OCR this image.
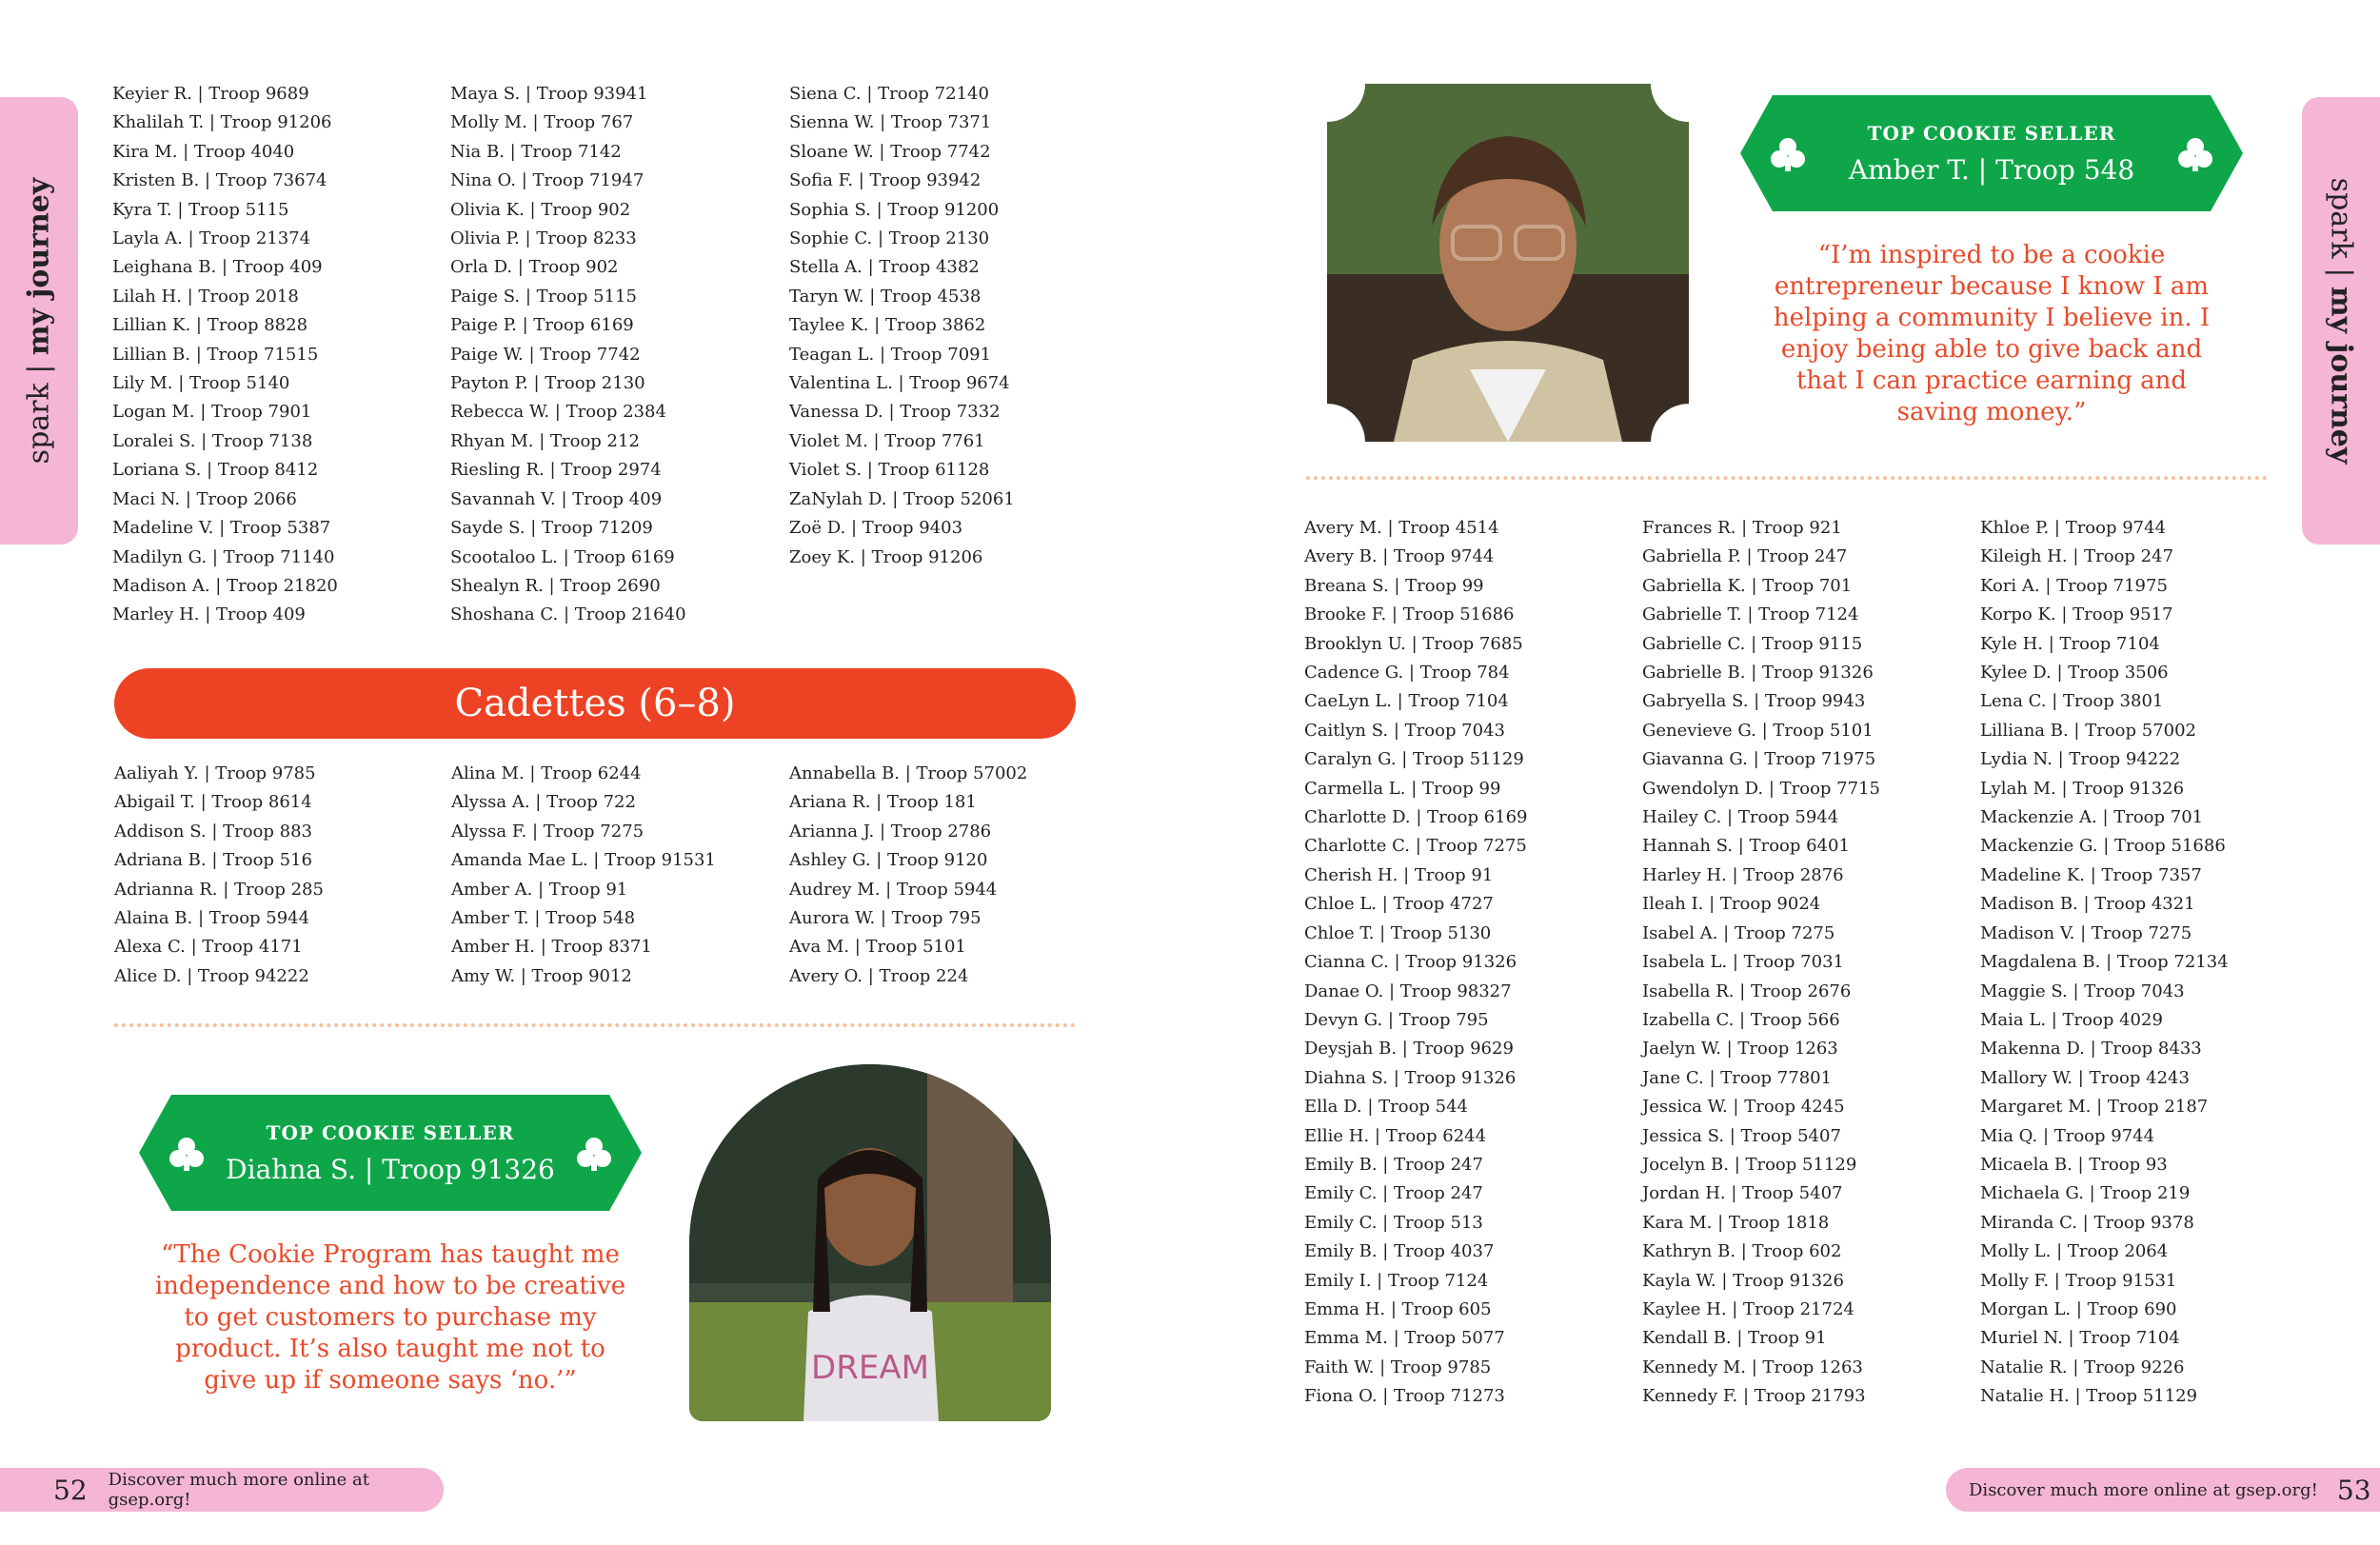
spark | my journey	spark | my journey
Keyier R. | Troop 9689
Khalilah T. | Troop 91206
Kira M. | Troop 4040
Kristen B. | Troop 73674
Kyra T. | Troop 5115
Layla A. | Troop 21374
Leighana B. | Troop 409
Lilah H. | Troop 2018
Lillian K. | Troop 8828
Lillian B. | Troop 71515
Lily M. | Troop 5140
Logan M. | Troop 7901
Loralei S. | Troop 7138
Loriana S. | Troop 8412
Maci N. | Troop 2066
Madeline V. | Troop 5387
Madilyn G. | Troop 71140
Madison A. | Troop 21820
Marley H. | Troop 409
Maya S. | Troop 93941
Molly M. | Troop 767
Nia B. | Troop 7142
Nina O. | Troop 71947
Olivia K. | Troop 902
Olivia P. | Troop 8233
Orla D. | Troop 902
Paige S. | Troop 5115
Paige P. | Troop 6169
Paige W. | Troop 7742
Payton P. | Troop 2130
Rebecca W. | Troop 2384
Rhyan M. | Troop 212
Riesling R. | Troop 2974
Savannah V. | Troop 409
Sayde S. | Troop 71209
Scootaloo L. | Troop 6169
Shealyn R. | Troop 2690
Shoshana C. | Troop 21640
Siena C. | Troop 72140
Sienna W. | Troop 7371
Sloane W. | Troop 7742
Sofia F. | Troop 93942
Sophia S. | Troop 91200
Sophie C. | Troop 2130
Stella A. | Troop 4382
Taryn W. | Troop 4538
Taylee K. | Troop 3862
Teagan L. | Troop 7091
Valentina L. | Troop 9674
Vanessa D. | Troop 7332
Violet M. | Troop 7761
Violet S. | Troop 61128
ZaNylah D. | Troop 52061
Zoë D. | Troop 9403
Zoey K. | Troop 91206
Cadettes (6–8)
Aaliyah Y. | Troop 9785
Abigail T. | Troop 8614
Addison S. | Troop 883
Adriana B. | Troop 516
Adrianna R. | Troop 285
Alaina B. | Troop 5944
Alexa C. | Troop 4171
Alice D. | Troop 94222
Alina M. | Troop 6244
Alyssa A. | Troop 722
Alyssa F. | Troop 7275
Amanda Mae L. | Troop 91531
Amber A. | Troop 91
Amber T. | Troop 548
Amber H. | Troop 8371
Amy W. | Troop 9012
Annabella B. | Troop 57002
Ariana R. | Troop 181
Arianna J. | Troop 2786
Ashley G. | Troop 9120
Audrey M. | Troop 5944
Aurora W. | Troop 795
Ava M. | Troop 5101
Avery O. | Troop 224
TOP COOKIE SELLER
Diahna S. | Troop 91326
“The Cookie Program has taught me independence and how to be creative to get customers to purchase my product. It’s also taught me not to give up if someone says ‘no.’”	DREAM
TOP COOKIE SELLER
Amber T. | Troop 548
“I’m inspired to be a cookie entrepreneur because I know I am helping a community I believe in. I enjoy being able to give back and that I can practice earning and saving money.”
Avery M. | Troop 4514
Avery B. | Troop 9744
Breana S. | Troop 99
Brooke F. | Troop 51686
Brooklyn U. | Troop 7685
Cadence G. | Troop 784
CaeLyn L. | Troop 7104
Caitlyn S. | Troop 7043
Caralyn G. | Troop 51129
Carmella L. | Troop 99
Charlotte D. | Troop 6169
Charlotte C. | Troop 7275
Cherish H. | Troop 91
Chloe L. | Troop 4727
Chloe T. | Troop 5130
Cianna C. | Troop 91326
Danae O. | Troop 98327
Devyn G. | Troop 795
Deysjah B. | Troop 9629
Diahna S. | Troop 91326
Ella D. | Troop 544
Ellie H. | Troop 6244
Emily B. | Troop 247
Emily C. | Troop 247
Emily C. | Troop 513
Emily B. | Troop 4037
Emily I. | Troop 7124
Emma H. | Troop 605
Emma M. | Troop 5077
Faith W. | Troop 9785
Fiona O. | Troop 71273
Frances R. | Troop 921
Gabriella P. | Troop 247
Gabriella K. | Troop 701
Gabrielle T. | Troop 7124
Gabrielle C. | Troop 9115
Gabrielle B. | Troop 91326
Gabryella S. | Troop 9943
Genevieve G. | Troop 5101
Giavanna G. | Troop 71975
Gwendolyn D. | Troop 7715
Hailey C. | Troop 5944
Hannah S. | Troop 6401
Harley H. | Troop 2876
Ileah I. | Troop 9024
Isabel A. | Troop 7275
Isabela L. | Troop 7031
Isabella R. | Troop 2676
Izabella C. | Troop 566
Jaelyn W. | Troop 1263
Jane C. | Troop 77801
Jessica W. | Troop 4245
Jessica S. | Troop 5407
Jocelyn B. | Troop 51129
Jordan H. | Troop 5407
Kara M. | Troop 1818
Kathryn B. | Troop 602
Kayla W. | Troop 91326
Kaylee H. | Troop 21724
Kendall B. | Troop 91
Kennedy M. | Troop 1263
Kennedy F. | Troop 21793
Khloe P. | Troop 9744
Kileigh H. | Troop 247
Kori A. | Troop 71975
Korpo K. | Troop 9517
Kyle H. | Troop 7104
Kylee D. | Troop 3506
Lena C. | Troop 3801
Lilliana B. | Troop 57002
Lydia N. | Troop 94222
Lylah M. | Troop 91326
Mackenzie A. | Troop 701
Mackenzie G. | Troop 51686
Madeline K. | Troop 7357
Madison B. | Troop 4321
Madison V. | Troop 7275
Magdalena B. | Troop 72134
Maggie S. | Troop 7043
Maia L. | Troop 4029
Makenna D. | Troop 8433
Mallory W. | Troop 4243
Margaret M. | Troop 2187
Mia Q. | Troop 9744
Micaela B. | Troop 93
Michaela G. | Troop 219
Miranda C. | Troop 9378
Molly L. | Troop 2064
Molly F. | Troop 91531
Morgan L. | Troop 690
Muriel N. | Troop 7104
Natalie R. | Troop 9226
Natalie H. | Troop 51129
52 Discover much more online at gsep.org!	Discover much more online at gsep.org! 53
